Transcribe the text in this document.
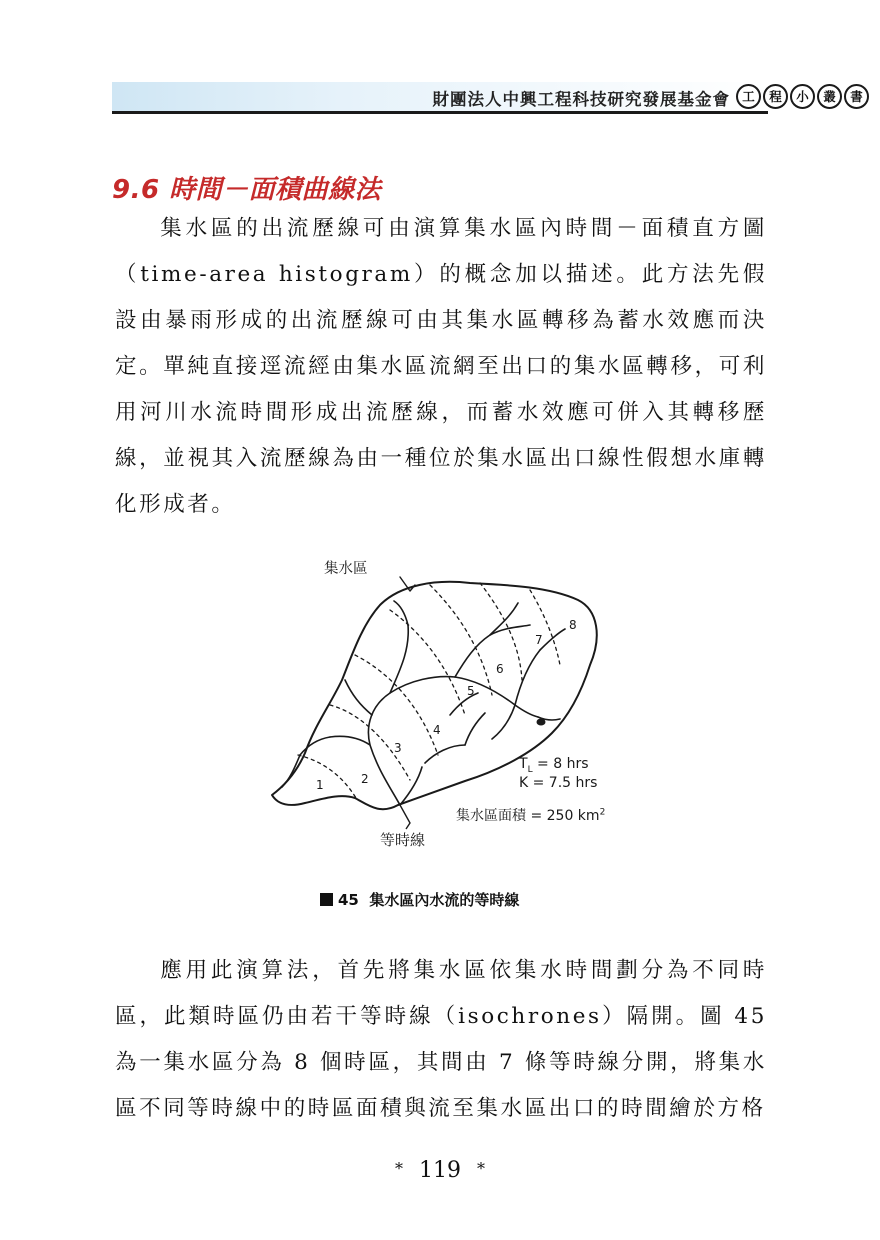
財團法人中興工程科技研究發展基金會 工	程	小	叢	書
9.6 時間－面積曲線法

集水區的出流歷線可由演算集水區內時間－面積直方圖（time-area histogram）的概念加以描述。此方法先假設由暴雨形成的出流歷線可由其集水區轉移為蓄水效應而決定。單純直接逕流經由集水區流網至出口的集水區轉移，可利用河川水流時間形成出流歷線，而蓄水效應可併入其轉移歷線，並視其入流歷線為由一種位於集水區出口線性假想水庫轉化形成者。

集水區
1	2
3
4
5
6
7
8
$T_L = 8$ hrs
K = 7.5 hrs
集水區面積 = 250 $km^2$
等時線
45 集水區內水流的等時線

應用此演算法，首先將集水區依集水時間劃分為不同時區，此類時區仍由若干等時線（isochrones）隔開。圖 45 為一集水區分為 8 個時區，其間由 7 條等時線分開，將集水區不同等時線中的時區面積與流至集水區出口的時間繪於方格

* 119 *
